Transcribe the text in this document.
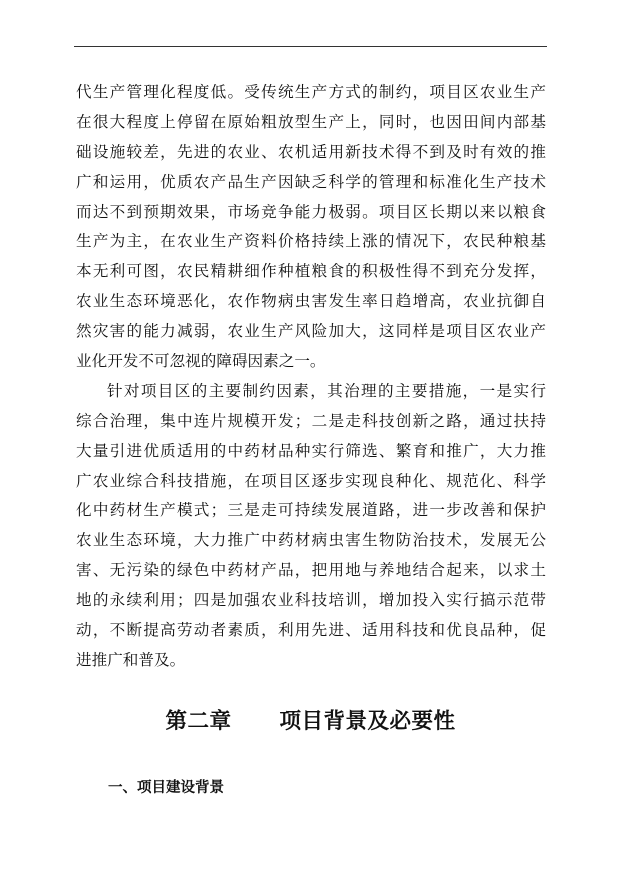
代生产管理化程度低。受传统生产方式的制约，项目区农业生产
在很大程度上停留在原始粗放型生产上，同时，也因田间内部基
础设施较差，先进的农业、农机适用新技术得不到及时有效的推
广和运用，优质农产品生产因缺乏科学的管理和标准化生产技术
而达不到预期效果，市场竞争能力极弱。项目区长期以来以粮食
生产为主，在农业生产资料价格持续上涨的情况下，农民种粮基
本无利可图，农民精耕细作种植粮食的积极性得不到充分发挥，
农业生态环境恶化，农作物病虫害发生率日趋增高，农业抗御自
然灾害的能力减弱，农业生产风险加大，这同样是项目区农业产
业化开发不可忽视的障碍因素之一。
针对项目区的主要制约因素，其治理的主要措施，一是实行
综合治理，集中连片规模开发；二是走科技创新之路，通过扶持
大量引进优质适用的中药材品种实行筛选、繁育和推广，大力推
广农业综合科技措施，在项目区逐步实现良种化、规范化、科学
化中药材生产模式；三是走可持续发展道路，进一步改善和保护
农业生态环境，大力推广中药材病虫害生物防治技术，发展无公
害、无污染的绿色中药材产品，把用地与养地结合起来，以求土
地的永续利用；四是加强农业科技培训，增加投入实行搞示范带
动，不断提高劳动者素质，利用先进、适用科技和优良品种，促
进推广和普及。
第二章      项目背景及必要性
一、项目建设背景
